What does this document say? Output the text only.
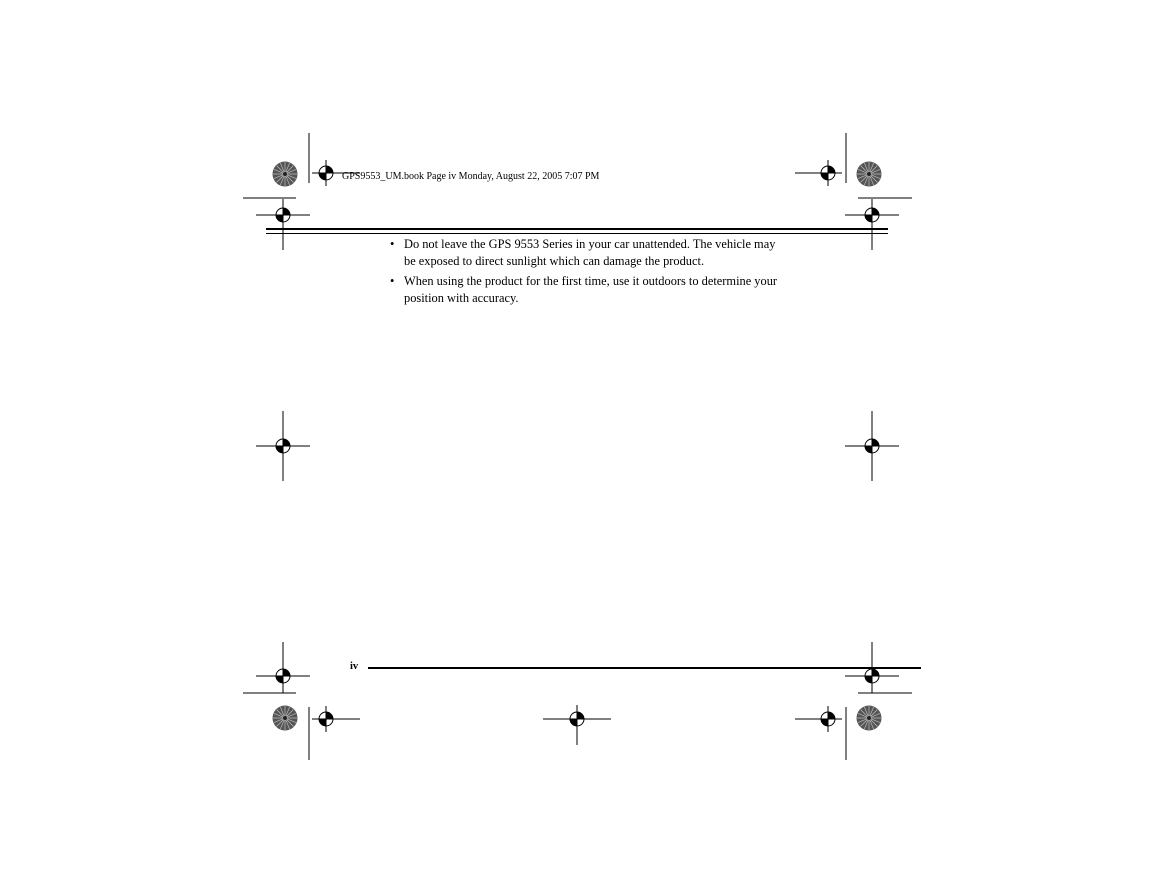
GPS9553_UM.book Page iv Monday, August 22, 2005 7:07 PM
• Do not leave the GPS 9553 Series in your car unattended. The vehicle may
be exposed to direct sunlight which can damage the product.
• When using the product for the first time, use it outdoors to determine your
position with accuracy.
iv
